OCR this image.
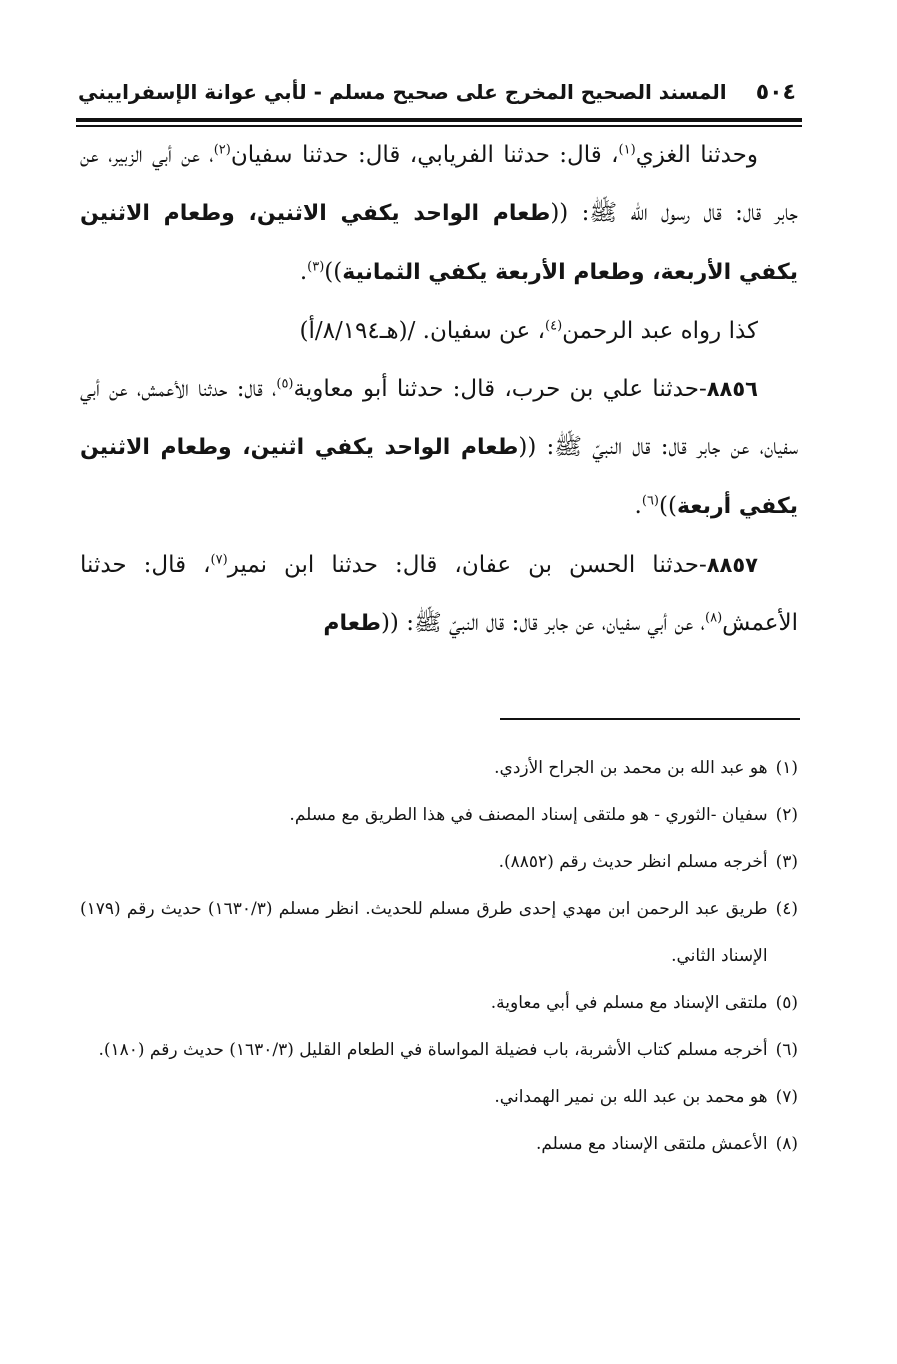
٥٠٤
المسند الصحيح المخرج على صحيح مسلم - لأبي عوانة الإسفراييني

وحدثنا الغزي$^{(١)}$، قال: حدثنا الفريابي، قال: حدثنا سفيان$^{(٢)}$، عن أبي الزبير، عن جابر قال: قال رسول الله ﷺ: ((طعام الواحد يكفي الاثنين، وطعام الاثنين يكفي الأربعة، وطعام الأربعة يكفي الثمانية))$^{(٣)}$.

كذا رواه عبد الرحمن$^{(٤)}$، عن سفيان. /(هـ٨/١٩٤/أ)

٨٨٥٦-حدثنا علي بن حرب، قال: حدثنا أبو معاوية$^{(٥)}$، قال: حدثنا الأعمش، عن أبي سفيان، عن جابر قال: قال النبيّ ﷺ: ((طعام الواحد يكفي اثنين، وطعام الاثنين يكفي أربعة))$^{(٦)}$.

٨٨٥٧-حدثنا الحسن بن عفان، قال: حدثنا ابن نمير$^{(٧)}$، قال: حدثنا الأعمش$^{(٨)}$، عن أبي سفيان، عن جابر قال: قال النبيّ ﷺ: ((طعام

(١)
هو عبد الله بن محمد بن الجراح الأزدي.
(٢)
سفيان -الثوري - هو ملتقى إسناد المصنف في هذا الطريق مع مسلم.
(٣)
أخرجه مسلم انظر حديث رقم (٨٨٥٢).
(٤)
طريق عبد الرحمن ابن مهدي إحدى طرق مسلم للحديث. انظر مسلم (١٦٣٠/٣) حديث رقم (١٧٩) الإسناد الثاني.
(٥)
ملتقى الإسناد مع مسلم في أبي معاوية.
(٦)
أخرجه مسلم كتاب الأشربة، باب فضيلة المواساة في الطعام القليل (١٦٣٠/٣) حديث رقم (١٨٠).
(٧)
هو محمد بن عبد الله بن نمير الهمداني.
(٨)
الأعمش ملتقى الإسناد مع مسلم.
